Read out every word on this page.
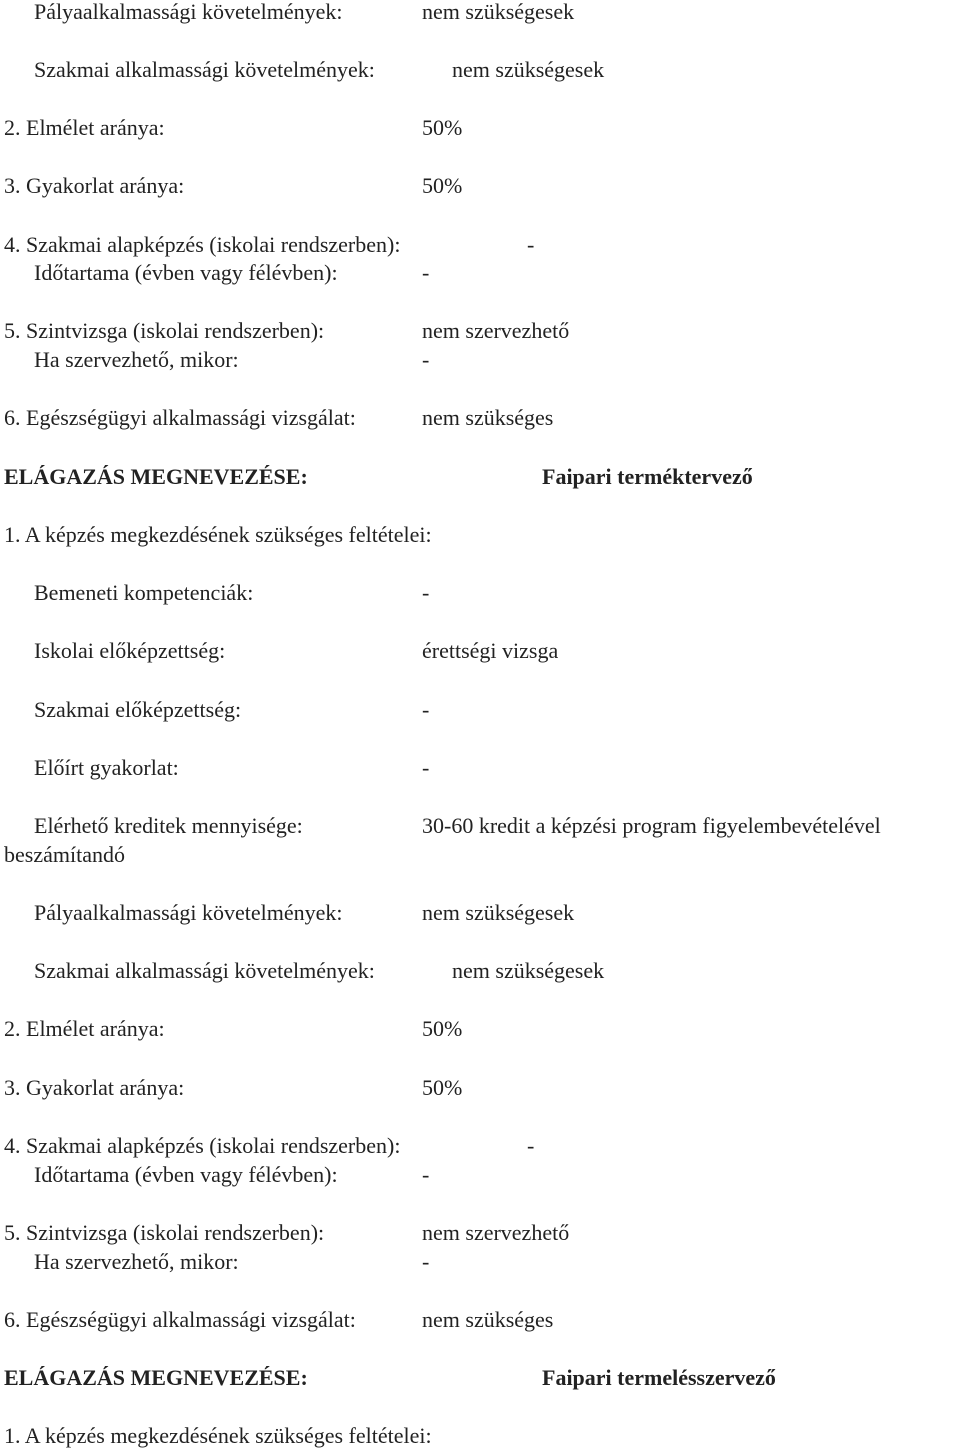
Pályaalkalmassági követelmények:	nem szükségesek
Szakmai alkalmassági követelmények:	nem szükségesek
2. Elmélet aránya:	50%
3. Gyakorlat aránya:	50%
4. Szakmai alapképzés (iskolai rendszerben):	-
Időtartama (évben vagy félévben):	-
5. Szintvizsga (iskolai rendszerben):	nem szervezhető
Ha szervezhető, mikor:	-
6. Egészségügyi alkalmassági vizsgálat:	nem szükséges
ELÁGAZÁS MEGNEVEZÉSE:	Faipari terméktervező
1. A képzés megkezdésének szükséges feltételei:
Bemeneti kompetenciák:	-
Iskolai előképzettség:	érettségi vizsga
Szakmai előképzettség:	-
Előírt gyakorlat:	-
Elérhető kreditek mennyisége:	30-60 kredit a képzési program figyelembevételével
beszámítandó
Pályaalkalmassági követelmények:	nem szükségesek
Szakmai alkalmassági követelmények:	nem szükségesek
2. Elmélet aránya:	50%
3. Gyakorlat aránya:	50%
4. Szakmai alapképzés (iskolai rendszerben):	-
Időtartama (évben vagy félévben):	-
5. Szintvizsga (iskolai rendszerben):	nem szervezhető
Ha szervezhető, mikor:	-
6. Egészségügyi alkalmassági vizsgálat:	nem szükséges
ELÁGAZÁS MEGNEVEZÉSE:	Faipari termelésszervező
1. A képzés megkezdésének szükséges feltételei:
